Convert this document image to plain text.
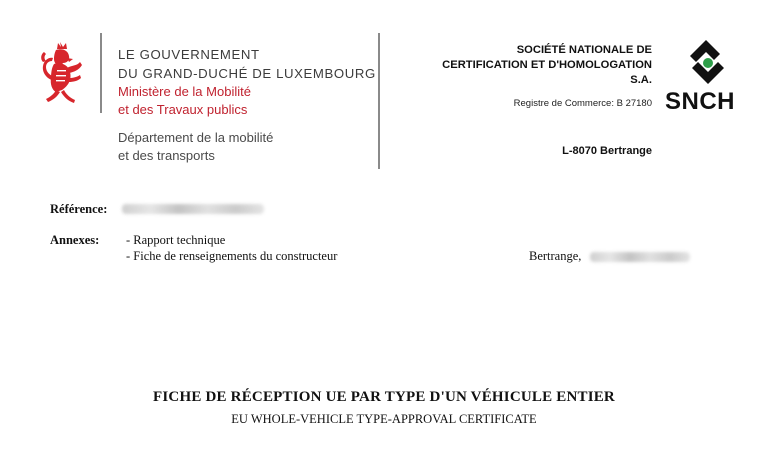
LE GOUVERNEMENT
DU GRAND-DUCHÉ DE LUXEMBOURG
Ministère de la Mobilité
et des Travaux publics
Département de la mobilité
et des transports
SOCIÉTÉ NATIONALE DE
CERTIFICATION ET D'HOMOLOGATION
S.A.
Registre de Commerce: B 27180
L-8070 Bertrange
SNCH
Référence:
Annexes: - Rapport technique
- Fiche de renseignements du constructeur	Bertrange,
FICHE DE RÉCEPTION UE PAR TYPE D'UN VÉHICULE ENTIER
EU WHOLE-VEHICLE TYPE-APPROVAL CERTIFICATE
